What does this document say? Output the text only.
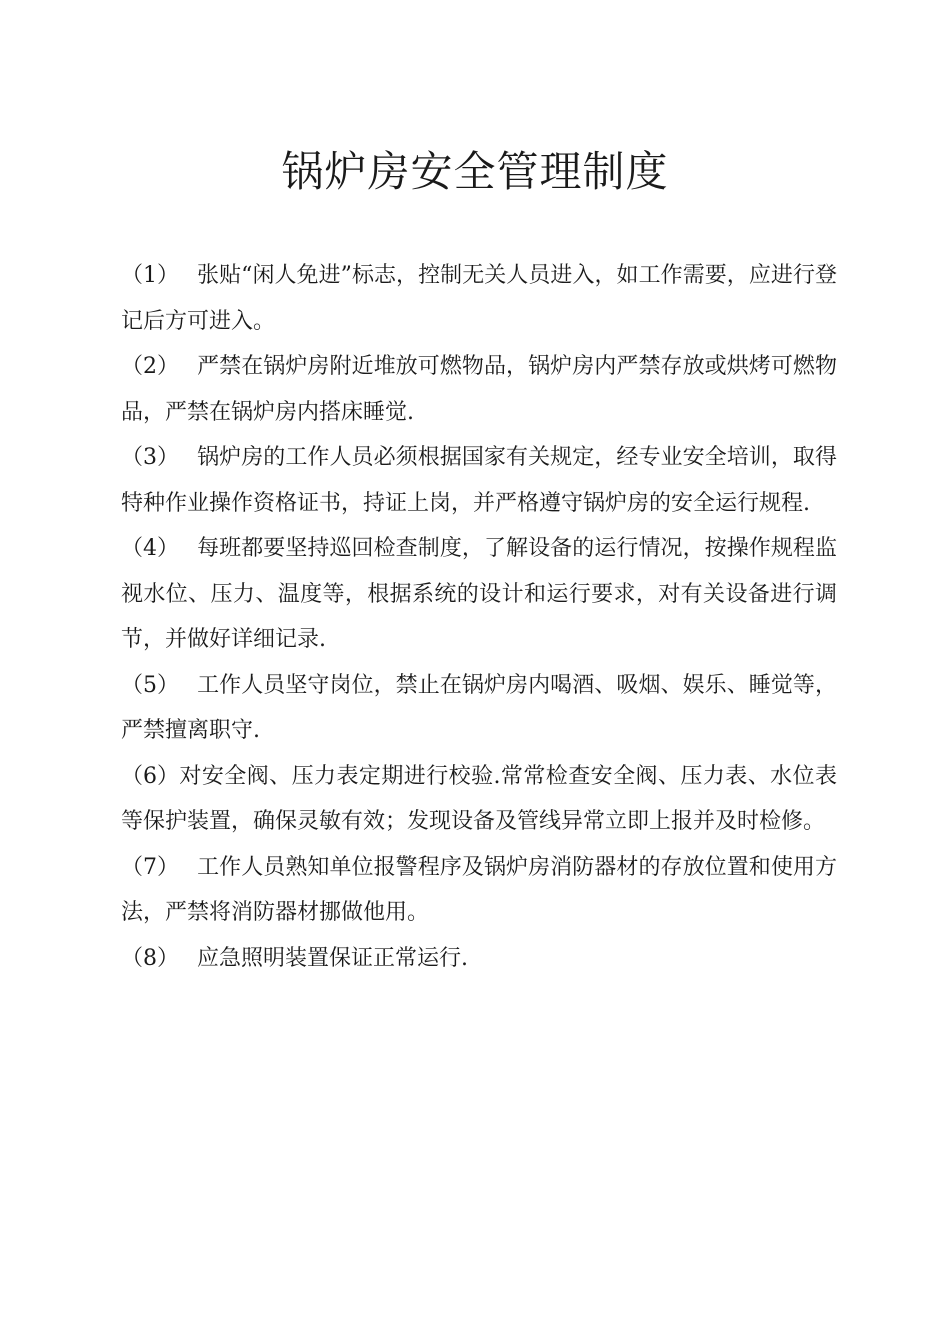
锅炉房安全管理制度

（1） 张贴“闲人免进”标志，控制无关人员进入，如工作需要，应进行登记后方可进入。

（2） 严禁在锅炉房附近堆放可燃物品，锅炉房内严禁存放或烘烤可燃物品，严禁在锅炉房内搭床睡觉.

（3） 锅炉房的工作人员必须根据国家有关规定，经专业安全培训，取得特种作业操作资格证书，持证上岗，并严格遵守锅炉房的安全运行规程.

（4） 每班都要坚持巡回检查制度，了解设备的运行情况，按操作规程监视水位、压力、温度等，根据系统的设计和运行要求，对有关设备进行调节，并做好详细记录.

（5） 工作人员坚守岗位，禁止在锅炉房内喝酒、吸烟、娱乐、睡觉等，严禁擅离职守.

（6）对安全阀、压力表定期进行校验.常常检查安全阀、压力表、水位表等保护装置，确保灵敏有效；发现设备及管线异常立即上报并及时检修。

（7） 工作人员熟知单位报警程序及锅炉房消防器材的存放位置和使用方法，严禁将消防器材挪做他用。

（8） 应急照明装置保证正常运行.
